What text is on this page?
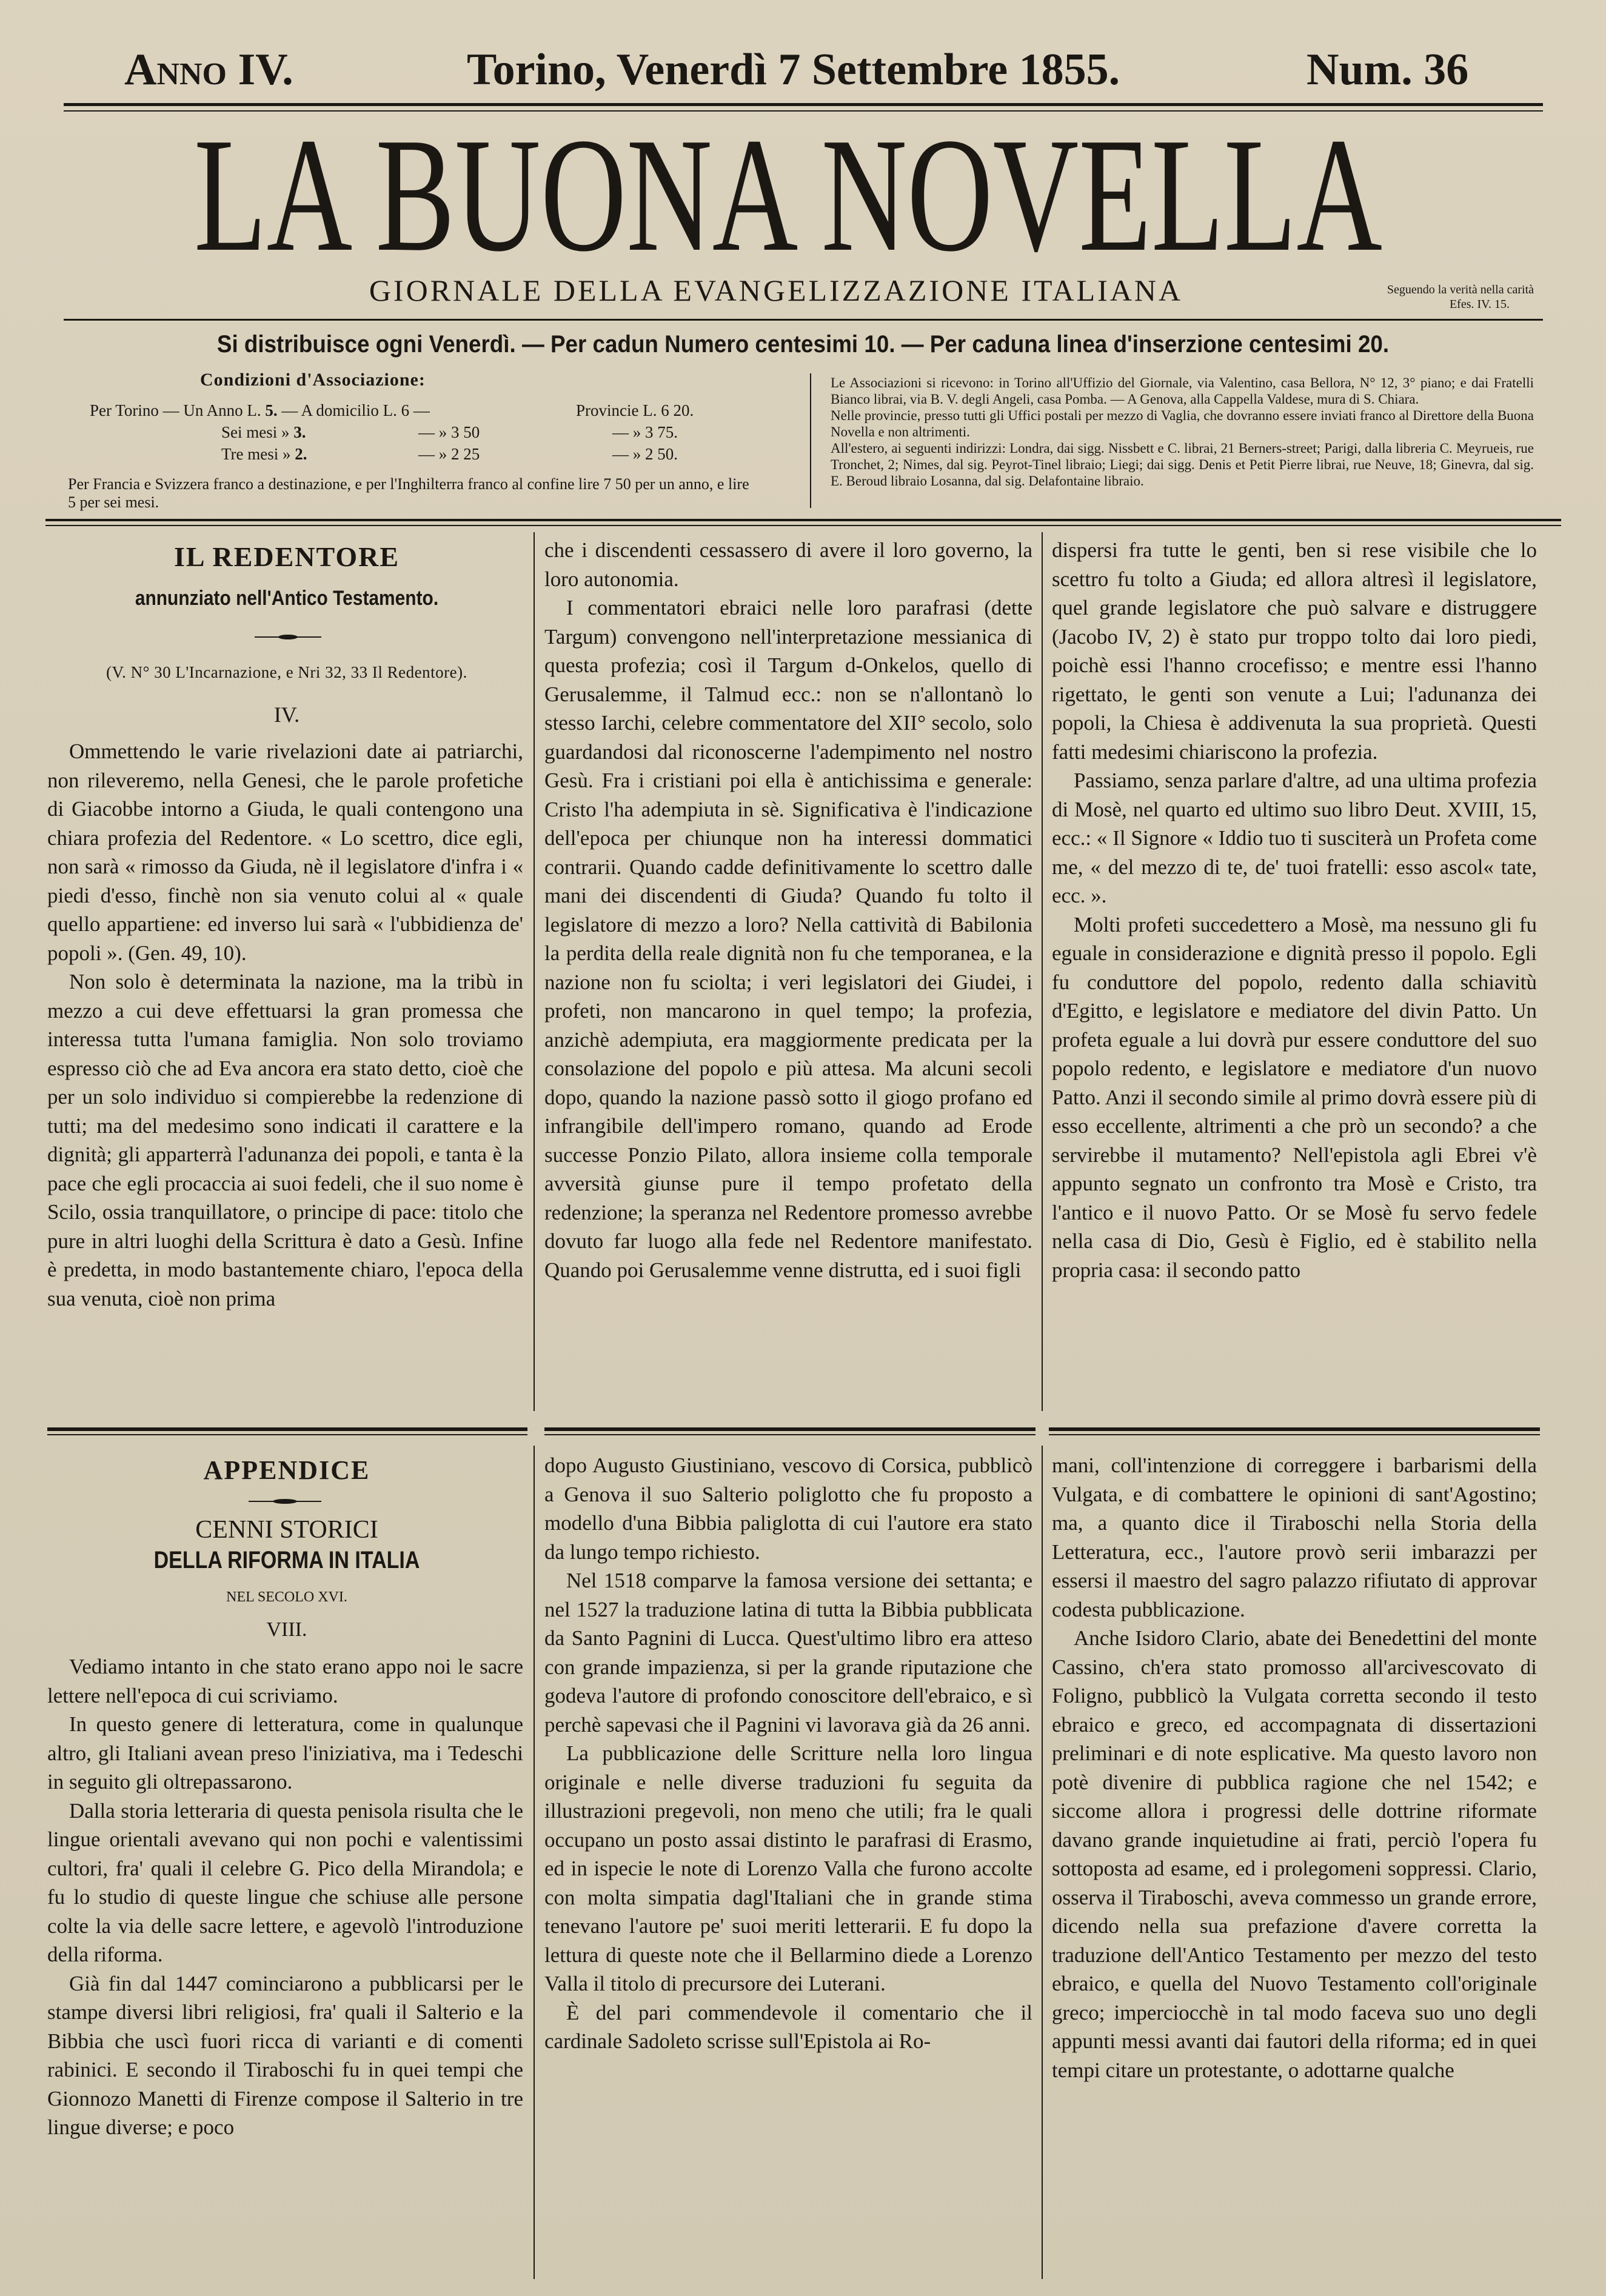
Anno IV.	Torino, Venerdì 7 Settembre 1855.	Num. 36
LA BUONA NOVELLA
GIORNALE DELLA EVANGELIZZAZIONE ITALIANA	Seguendo la verità nella carità
Efes. IV. 15.
Si distribuisce ogni Venerdì. — Per cadun Numero centesimi 10. — Per caduna linea d'inserzione centesimi 20.
Condizioni d'Associazione:
Per Torino — Un Anno L. 5. — A domicilio L. 6 —	Provincie L. 6 20.
Sei mesi » 3.	— » 3 50	— » 3 75.
Tre mesi » 2.	— » 2 25	— » 2 50.
Per Francia e Svizzera franco a destinazione, e per l'Inghilterra franco al confine lire 7 50 per un anno, e lire 5 per sei mesi.

Le Associazioni si ricevono: in Torino all'Uffizio del Giornale, via Valentino, casa Bellora, N° 12, 3° piano; e dai Fratelli Bianco librai, via B. V. degli Angeli, casa Pomba. — A Genova, alla Cappella Valdese, mura di S. Chiara.

Nelle provincie, presso tutti gli Uffici postali per mezzo di Vaglia, che dovranno essere inviati franco al Direttore della Buona Novella e non altrimenti.

All'estero, ai seguenti indirizzi: Londra, dai sigg. Nissbett e C. librai, 21 Berners-street; Parigi, dalla libreria C. Meyrueis, rue Tronchet, 2; Nimes, dal sig. Peyrot-Tinel libraio; Liegi; dai sigg. Denis et Petit Pierre librai, rue Neuve, 18; Ginevra, dal sig. E. Beroud libraio Losanna, dal sig. Delafontaine libraio.

IL REDENTORE
annunziato nell'Antico Testamento.
(V. N° 30 L'Incarnazione, e Nri 32, 33 Il Redentore).
IV.

Ommettendo le varie rivelazioni date ai patriarchi, non rileveremo, nella Genesi, che le parole profetiche di Giacobbe intorno a Giuda, le quali contengono una chiara profezia del Redentore. « Lo scettro, dice egli, non sarà « rimosso da Giuda, nè il legislatore d'infra i « piedi d'esso, finchè non sia venuto colui al « quale quello appartiene: ed inverso lui sarà « l'ubbidienza de' popoli ». (Gen. 49, 10).

Non solo è determinata la nazione, ma la tribù in mezzo a cui deve effettuarsi la gran promessa che interessa tutta l'umana famiglia. Non solo troviamo espresso ciò che ad Eva ancora era stato detto, cioè che per un solo individuo si compierebbe la redenzione di tutti; ma del medesimo sono indicati il carattere e la dignità; gli apparterrà l'adunanza dei popoli, e tanta è la pace che egli procaccia ai suoi fedeli, che il suo nome è Scilo, ossia tranquillatore, o principe di pace: titolo che pure in altri luoghi della Scrittura è dato a Gesù. Infine è predetta, in modo bastantemente chiaro, l'epoca della sua venuta, cioè non prima

che i discendenti cessassero di avere il loro governo, la loro autonomia.

I commentatori ebraici nelle loro parafrasi (dette Targum) convengono nell'interpretazione messianica di questa profezia; così il Targum d-Onkelos, quello di Gerusalemme, il Talmud ecc.: non se n'allontanò lo stesso Iarchi, celebre commentatore del XII° secolo, solo guardandosi dal riconoscerne l'adempimento nel nostro Gesù. Fra i cristiani poi ella è antichissima e generale: Cristo l'ha adempiuta in sè. Significativa è l'indicazione dell'epoca per chiunque non ha interessi dommatici contrarii. Quando cadde definitivamente lo scettro dalle mani dei discendenti di Giuda? Quando fu tolto il legislatore di mezzo a loro? Nella cattività di Babilonia la perdita della reale dignità non fu che temporanea, e la nazione non fu sciolta; i veri legislatori dei Giudei, i profeti, non mancarono in quel tempo; la profezia, anzichè adempiuta, era maggiormente predicata per la consolazione del popolo e più attesa. Ma alcuni secoli dopo, quando la nazione passò sotto il giogo profano ed infrangibile dell'impero romano, quando ad Erode successe Ponzio Pilato, allora insieme colla temporale avversità giunse pure il tempo profetato della redenzione; la speranza nel Redentore promesso avrebbe dovuto far luogo alla fede nel Redentore manifestato. Quando poi Gerusalemme venne distrutta, ed i suoi figli

dispersi fra tutte le genti, ben si rese visibile che lo scettro fu tolto a Giuda; ed allora altresì il legislatore, quel grande legislatore che può salvare e distruggere (Jacobo IV, 2) è stato pur troppo tolto dai loro piedi, poichè essi l'hanno crocefisso; e mentre essi l'hanno rigettato, le genti son venute a Lui; l'adunanza dei popoli, la Chiesa è addivenuta la sua proprietà. Questi fatti medesimi chiariscono la profezia.

Passiamo, senza parlare d'altre, ad una ultima profezia di Mosè, nel quarto ed ultimo suo libro Deut. XVIII, 15, ecc.: « Il Signore « Iddio tuo ti susciterà un Profeta come me, « del mezzo di te, de' tuoi fratelli: esso ascol« tate, ecc. ».

Molti profeti succedettero a Mosè, ma nessuno gli fu eguale in considerazione e dignità presso il popolo. Egli fu conduttore del popolo, redento dalla schiavitù d'Egitto, e legislatore e mediatore del divin Patto. Un profeta eguale a lui dovrà pur essere conduttore del suo popolo redento, e legislatore e mediatore d'un nuovo Patto. Anzi il secondo simile al primo dovrà essere più di esso eccellente, altrimenti a che prò un secondo? a che servirebbe il mutamento? Nell'epistola agli Ebrei v'è appunto segnato un confronto tra Mosè e Cristo, tra l'antico e il nuovo Patto. Or se Mosè fu servo fedele nella casa di Dio, Gesù è Figlio, ed è stabilito nella propria casa: il secondo patto

APPENDICE
CENNI STORICI
DELLA RIFORMA IN ITALIA
NEL SECOLO XVI.
VIII.

Vediamo intanto in che stato erano appo noi le sacre lettere nell'epoca di cui scriviamo.

In questo genere di letteratura, come in qualunque altro, gli Italiani avean preso l'iniziativa, ma i Tedeschi in seguito gli oltrepassarono.

Dalla storia letteraria di questa penisola risulta che le lingue orientali avevano qui non pochi e valentissimi cultori, fra' quali il celebre G. Pico della Mirandola; e fu lo studio di queste lingue che schiuse alle persone colte la via delle sacre lettere, e agevolò l'introduzione della riforma.

Già fin dal 1447 cominciarono a pubblicarsi per le stampe diversi libri religiosi, fra' quali il Salterio e la Bibbia che uscì fuori ricca di varianti e di comenti rabinici. E secondo il Tiraboschi fu in quei tempi che Gionnozo Manetti di Firenze compose il Salterio in tre lingue diverse; e poco

dopo Augusto Giustiniano, vescovo di Corsica, pubblicò a Genova il suo Salterio poliglotto che fu proposto a modello d'una Bibbia paliglotta di cui l'autore era stato da lungo tempo richiesto.

Nel 1518 comparve la famosa versione dei settanta; e nel 1527 la traduzione latina di tutta la Bibbia pubblicata da Santo Pagnini di Lucca. Quest'ultimo libro era atteso con grande impazienza, si per la grande riputazione che godeva l'autore di profondo conoscitore dell'ebraico, e sì perchè sapevasi che il Pagnini vi lavorava già da 26 anni.

La pubblicazione delle Scritture nella loro lingua originale e nelle diverse traduzioni fu seguita da illustrazioni pregevoli, non meno che utili; fra le quali occupano un posto assai distinto le parafrasi di Erasmo, ed in ispecie le note di Lorenzo Valla che furono accolte con molta simpatia dagl'Italiani che in grande stima tenevano l'autore pe' suoi meriti letterarii. E fu dopo la lettura di queste note che il Bellarmino diede a Lorenzo Valla il titolo di precursore dei Luterani.

È del pari commendevole il comentario che il cardinale Sadoleto scrisse sull'Epistola ai Ro-

mani, coll'intenzione di correggere i barbarismi della Vulgata, e di combattere le opinioni di sant'Agostino; ma, a quanto dice il Tiraboschi nella Storia della Letteratura, ecc., l'autore provò serii imbarazzi per essersi il maestro del sagro palazzo rifiutato di approvar codesta pubblicazione.

Anche Isidoro Clario, abate dei Benedettini del monte Cassino, ch'era stato promosso all'arcivescovato di Foligno, pubblicò la Vulgata corretta secondo il testo ebraico e greco, ed accompagnata di dissertazioni preliminari e di note esplicative. Ma questo lavoro non potè divenire di pubblica ragione che nel 1542; e siccome allora i progressi delle dottrine riformate davano grande inquietudine ai frati, perciò l'opera fu sottoposta ad esame, ed i prolegomeni soppressi. Clario, osserva il Tiraboschi, aveva commesso un grande errore, dicendo nella sua prefazione d'avere corretta la traduzione dell'Antico Testamento per mezzo del testo ebraico, e quella del Nuovo Testamento coll'originale greco; imperciocchè in tal modo faceva suo uno degli appunti messi avanti dai fautori della riforma; ed in quei tempi citare un protestante, o adottarne qualche
